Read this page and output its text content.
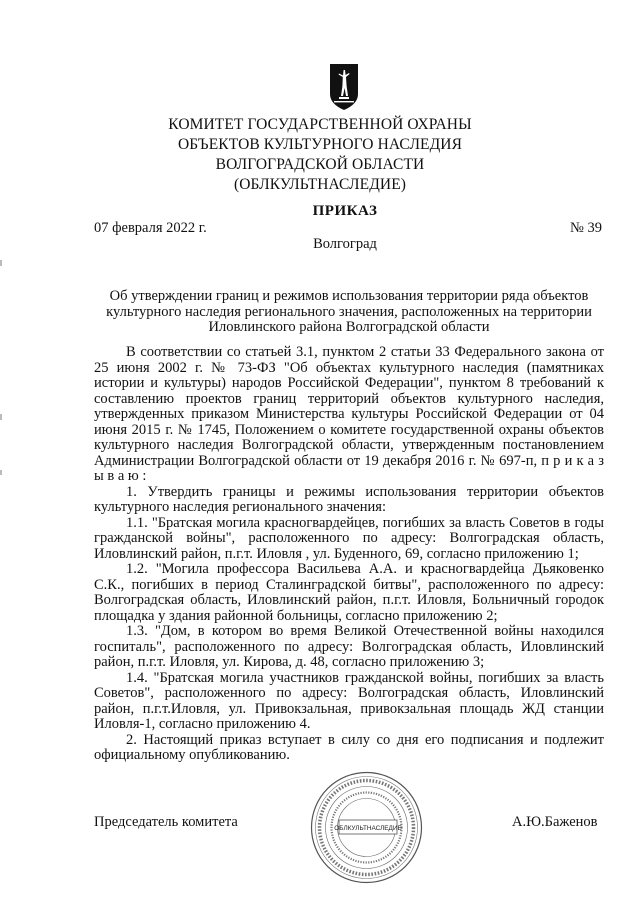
КОМИТЕТ ГОСУДАРСТВЕННОЙ ОХРАНЫ
ОБЪЕКТОВ КУЛЬТУРНОГО НАСЛЕДИЯ
ВОЛГОГРАДСКОЙ ОБЛАСТИ
(ОБЛКУЛЬТНАСЛЕДИЕ)
ПРИКАЗ
07 февраля 2022 г.	№ 39
Волгоград
Об утверждении границ и режимов использования территории ряда объектов культурного наследия регионального значения, расположенных на территории Иловлинского района Волгоградской области

В соответствии со статьей 3.1, пунктом 2 статьи 33 Федерального закона от 25 июня 2002 г. № 73-ФЗ "Об объектах культурного наследия (памятниках истории и культуры) народов Российской Федерации", пунктом 8 требований к составлению проектов границ территорий объектов культурного наследия, утвержденных приказом Министерства культуры Российской Федерации от 04 июня 2015 г. № 1745, Положением о комитете государственной охраны объектов культурного наследия Волгоградской области, утвержденным постановлением Администрации Волгоградской области от 19 декабря 2016 г. № 697-п, п р и к а з ы в а ю :

1. Утвердить границы и режимы использования территории объектов культурного наследия регионального значения:

1.1. "Братская могила красногвардейцев, погибших за власть Советов в годы гражданской войны", расположенного по адресу: Волгоградская область, Иловлинский район, п.г.т. Иловля , ул. Буденного, 69, согласно приложению 1;

1.2. "Могила профессора Васильева А.А. и красногвардейца Дьяковенко С.К., погибших в период Сталинградской битвы", расположенного по адресу: Волгоградская область, Иловлинский район, п.г.т. Иловля, Больничный городок площадка у здания районной больницы, согласно приложению 2;

1.3. "Дом, в котором во время Великой Отечественной войны находился госпиталь", расположенного по адресу: Волгоградская область, Иловлинский район, п.г.т. Иловля, ул. Кирова, д. 48, согласно приложению 3;

1.4. "Братская могила участников гражданской войны, погибших за власть Советов", расположенного по адресу: Волгоградская область, Иловлинский район, п.г.т.Иловля, ул. Привокзальная, привокзальная площадь ЖД станции Иловля-1, согласно приложению 4.

2. Настоящий приказ вступает в силу со дня его подписания и подлежит официальному опубликованию.

Председатель комитета	А.Ю.Баженов
ОБЛКУЛЬТНАСЛЕДИЕ
